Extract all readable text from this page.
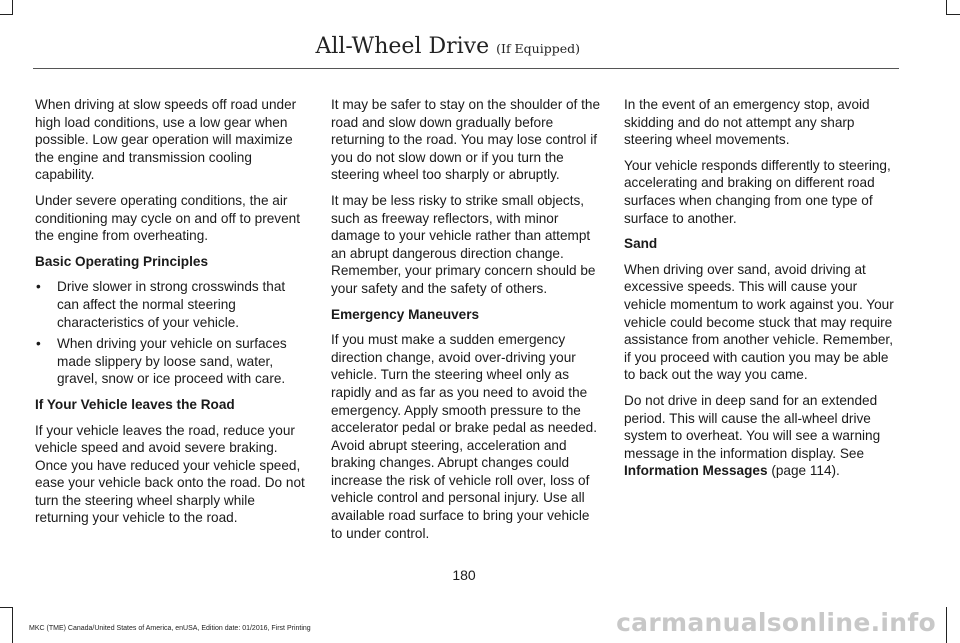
All-Wheel Drive (If Equipped)

When driving at slow speeds off road under high load conditions, use a low gear when possible. Low gear operation will maximize the engine and transmission cooling capability.

Under severe operating conditions, the air conditioning may cycle on and off to prevent the engine from overheating.

Basic Operating Principles
• Drive slower in strong crosswinds that can affect the normal steering characteristics of your vehicle.
• When driving your vehicle on surfaces made slippery by loose sand, water, gravel, snow or ice proceed with care.
If Your Vehicle leaves the Road

If your vehicle leaves the road, reduce your vehicle speed and avoid severe braking. Once you have reduced your vehicle speed, ease your vehicle back onto the road. Do not turn the steering wheel sharply while returning your vehicle to the road.

It may be safer to stay on the shoulder of the road and slow down gradually before returning to the road. You may lose control if you do not slow down or if you turn the steering wheel too sharply or abruptly.

It may be less risky to strike small objects, such as freeway reflectors, with minor damage to your vehicle rather than attempt an abrupt dangerous direction change. Remember, your primary concern should be your safety and the safety of others.

Emergency Maneuvers

If you must make a sudden emergency direction change, avoid over-driving your vehicle. Turn the steering wheel only as rapidly and as far as you need to avoid the emergency. Apply smooth pressure to the accelerator pedal or brake pedal as needed. Avoid abrupt steering, acceleration and braking changes. Abrupt changes could increase the risk of vehicle roll over, loss of vehicle control and personal injury. Use all available road surface to bring your vehicle to under control.

In the event of an emergency stop, avoid skidding and do not attempt any sharp steering wheel movements.

Your vehicle responds differently to steering, accelerating and braking on different road surfaces when changing from one type of surface to another.

Sand

When driving over sand, avoid driving at excessive speeds. This will cause your vehicle momentum to work against you. Your vehicle could become stuck that may require assistance from another vehicle. Remember, if you proceed with caution you may be able to back out the way you came.

Do not drive in deep sand for an extended period. This will cause the all-wheel drive system to overheat. You will see a warning message in the information display. See Information Messages (page 114).

180
MKC (TME) Canada/United States of America, enUSA, Edition date: 01/2016, First Printing	carmanualsonline.info
